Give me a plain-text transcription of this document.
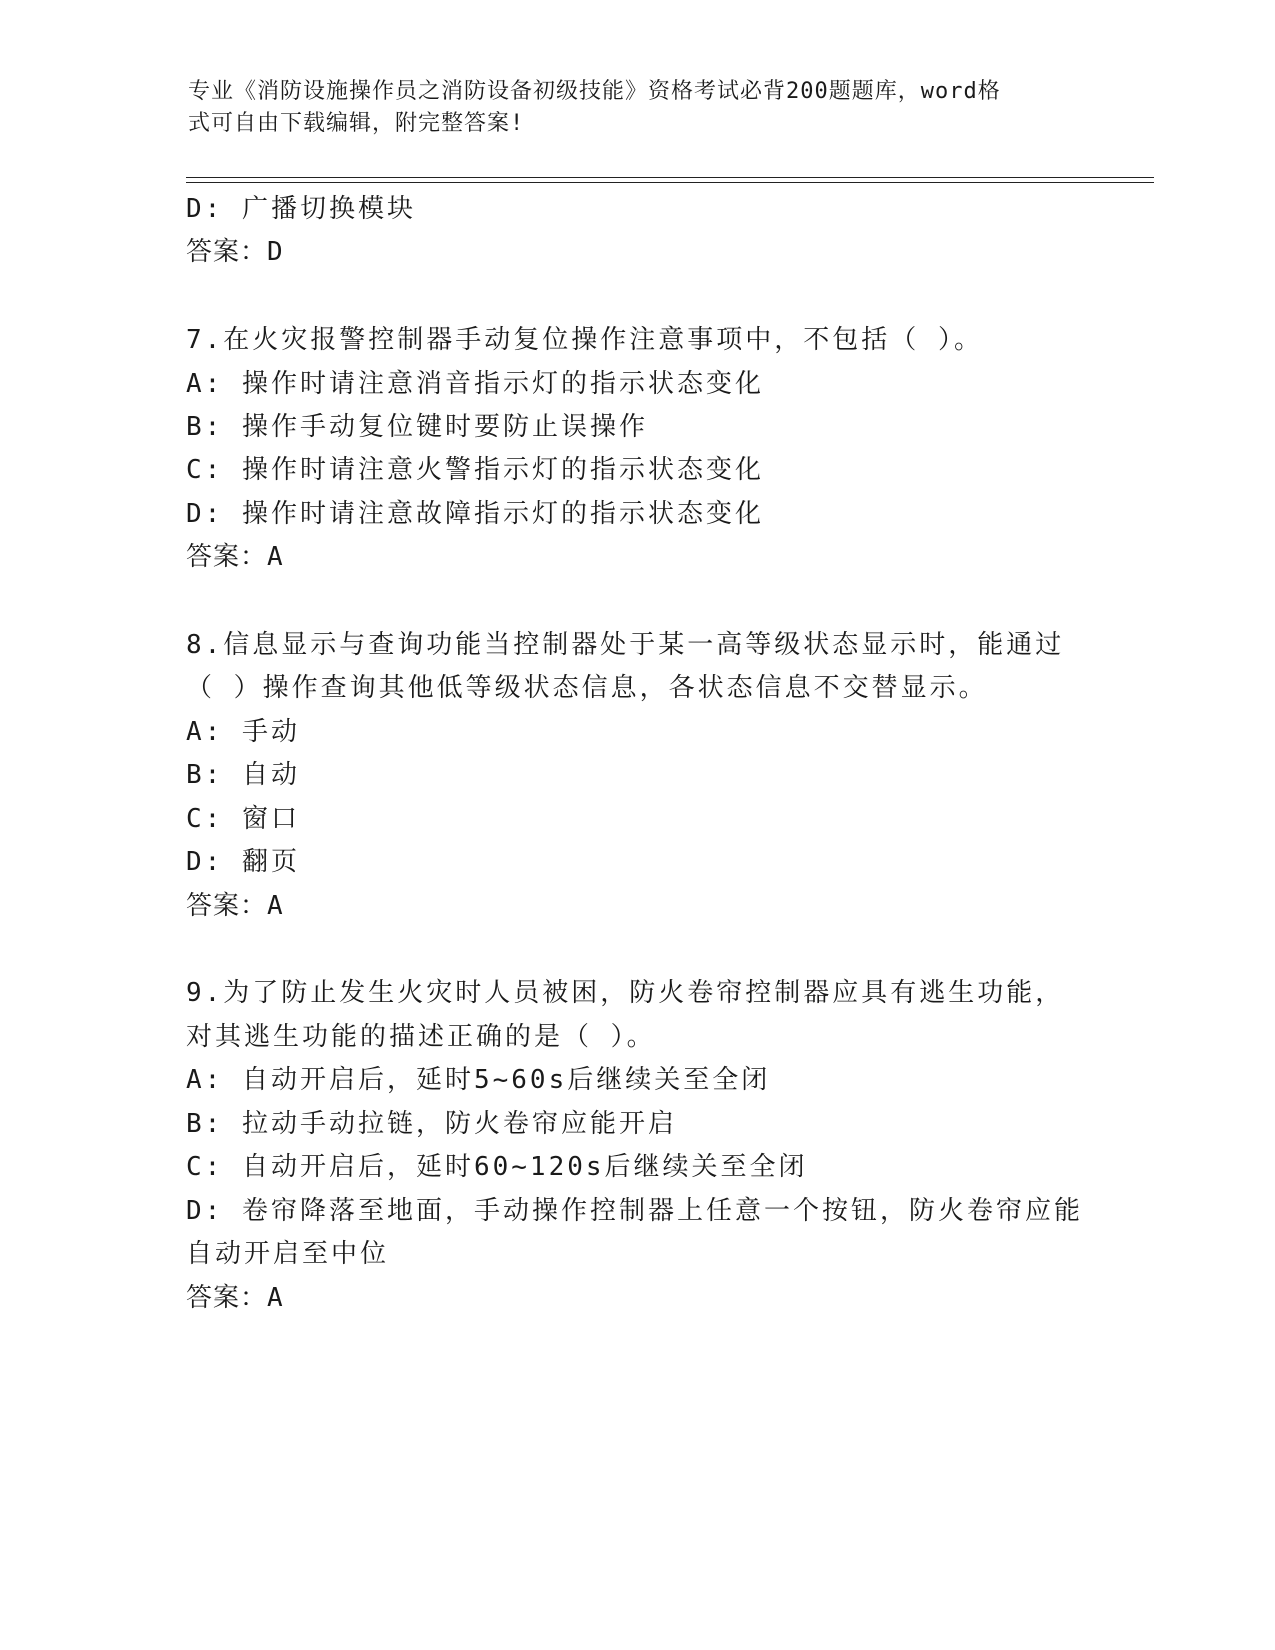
专业《消防设施操作员之消防设备初级技能》资格考试必背200题题库，word格
式可自由下载编辑，附完整答案!
D: 广播切换模块
答案：D
7.在火灾报警控制器手动复位操作注意事项中，不包括（ ）。
A: 操作时请注意消音指示灯的指示状态变化
B: 操作手动复位键时要防止误操作
C: 操作时请注意火警指示灯的指示状态变化
D: 操作时请注意故障指示灯的指示状态变化
答案：A
8.信息显示与查询功能当控制器处于某一高等级状态显示时，能通过
（ ）操作查询其他低等级状态信息，各状态信息不交替显示。
A: 手动
B: 自动
C: 窗口
D: 翻页
答案：A
9.为了防止发生火灾时人员被困，防火卷帘控制器应具有逃生功能，
对其逃生功能的描述正确的是（ ）。
A: 自动开启后，延时5~60s后继续关至全闭
B: 拉动手动拉链，防火卷帘应能开启
C: 自动开启后，延时60~120s后继续关至全闭
D: 卷帘降落至地面，手动操作控制器上任意一个按钮，防火卷帘应能
自动开启至中位
答案：A
